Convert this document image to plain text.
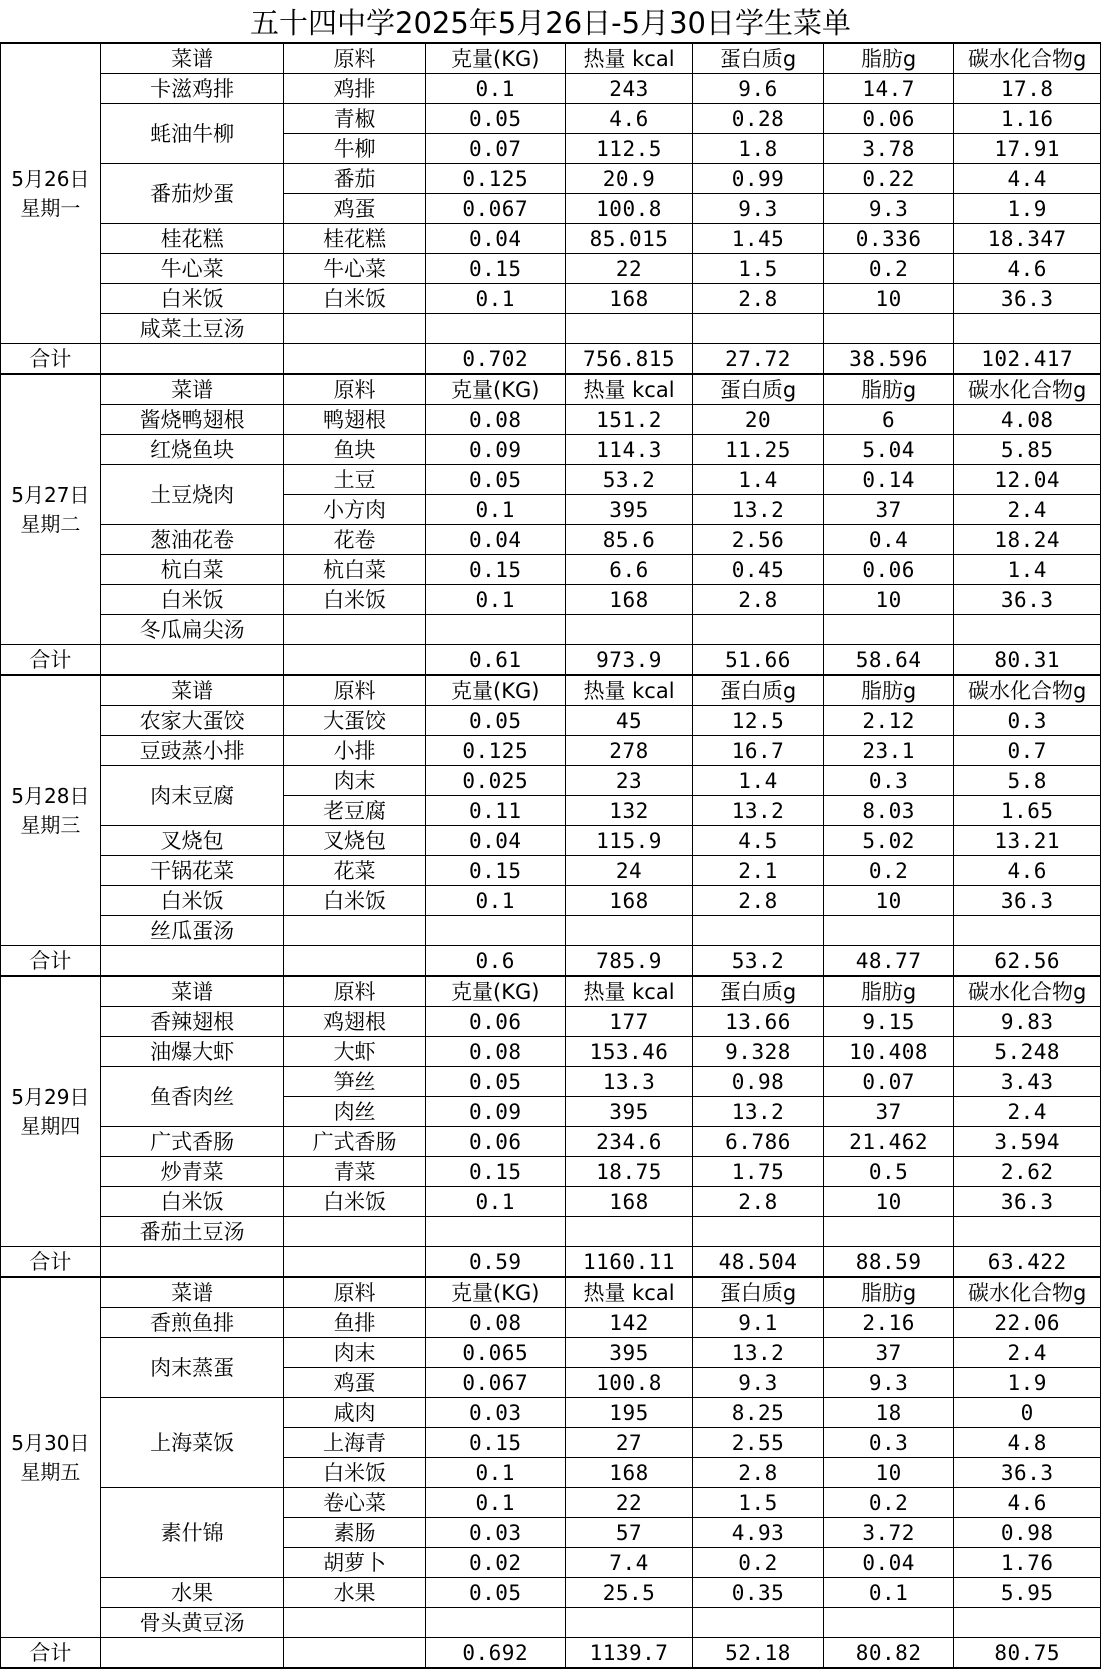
五十四中学2025年5月26日-5月30日学生菜单
5月26日
星期一	菜谱	原料	克量(KG)	热量 kcal	蛋白质g	脂肪g	碳水化合物g
	卡滋鸡排	鸡排	0.1	243	9.6	14.7	17.8
	蚝油牛柳	青椒	0.05	4.6	0.28	0.06	1.16
		牛柳	0.07	112.5	1.8	3.78	17.91
	番茄炒蛋	番茄	0.125	20.9	0.99	0.22	4.4
		鸡蛋	0.067	100.8	9.3	9.3	1.9
	桂花糕	桂花糕	0.04	85.015	1.45	0.336	18.347
	牛心菜	牛心菜	0.15	22	1.5	0.2	4.6
	白米饭	白米饭	0.1	168	2.8	10	36.3
	咸菜土豆汤						
合计			0.702	756.815	27.72	38.596	102.417

5月27日
星期二	菜谱	原料	克量(KG)	热量 kcal	蛋白质g	脂肪g	碳水化合物g
	酱烧鸭翅根	鸭翅根	0.08	151.2	20	6	4.08
	红烧鱼块	鱼块	0.09	114.3	11.25	5.04	5.85
	土豆烧肉	土豆	0.05	53.2	1.4	0.14	12.04
		小方肉	0.1	395	13.2	37	2.4
	葱油花卷	花卷	0.04	85.6	2.56	0.4	18.24
	杭白菜	杭白菜	0.15	6.6	0.45	0.06	1.4
	白米饭	白米饭	0.1	168	2.8	10	36.3
	冬瓜扁尖汤						
合计			0.61	973.9	51.66	58.64	80.31

5月28日
星期三	菜谱	原料	克量(KG)	热量 kcal	蛋白质g	脂肪g	碳水化合物g
	农家大蛋饺	大蛋饺	0.05	45	12.5	2.12	0.3
	豆豉蒸小排	小排	0.125	278	16.7	23.1	0.7
	肉末豆腐	肉末	0.025	23	1.4	0.3	5.8
		老豆腐	0.11	132	13.2	8.03	1.65
	叉烧包	叉烧包	0.04	115.9	4.5	5.02	13.21
	干锅花菜	花菜	0.15	24	2.1	0.2	4.6
	白米饭	白米饭	0.1	168	2.8	10	36.3
	丝瓜蛋汤						
合计			0.6	785.9	53.2	48.77	62.56

5月29日
星期四	菜谱	原料	克量(KG)	热量 kcal	蛋白质g	脂肪g	碳水化合物g
	香辣翅根	鸡翅根	0.06	177	13.66	9.15	9.83
	油爆大虾	大虾	0.08	153.46	9.328	10.408	5.248
	鱼香肉丝	笋丝	0.05	13.3	0.98	0.07	3.43
		肉丝	0.09	395	13.2	37	2.4
	广式香肠	广式香肠	0.06	234.6	6.786	21.462	3.594
	炒青菜	青菜	0.15	18.75	1.75	0.5	2.62
	白米饭	白米饭	0.1	168	2.8	10	36.3
	番茄土豆汤						
合计			0.59	1160.11	48.504	88.59	63.422

5月30日
星期五	菜谱	原料	克量(KG)	热量 kcal	蛋白质g	脂肪g	碳水化合物g
	香煎鱼排	鱼排	0.08	142	9.1	2.16	22.06
	肉末蒸蛋	肉末	0.065	395	13.2	37	2.4
		鸡蛋	0.067	100.8	9.3	9.3	1.9
	上海菜饭	咸肉	0.03	195	8.25	18	0
		上海青	0.15	27	2.55	0.3	4.8
		白米饭	0.1	168	2.8	10	36.3
	素什锦	卷心菜	0.1	22	1.5	0.2	4.6
		素肠	0.03	57	4.93	3.72	0.98
		胡萝卜	0.02	7.4	0.2	0.04	1.76
	水果	水果	0.05	25.5	0.35	0.1	5.95
	骨头黄豆汤						
合计			0.692	1139.7	52.18	80.82	80.75
